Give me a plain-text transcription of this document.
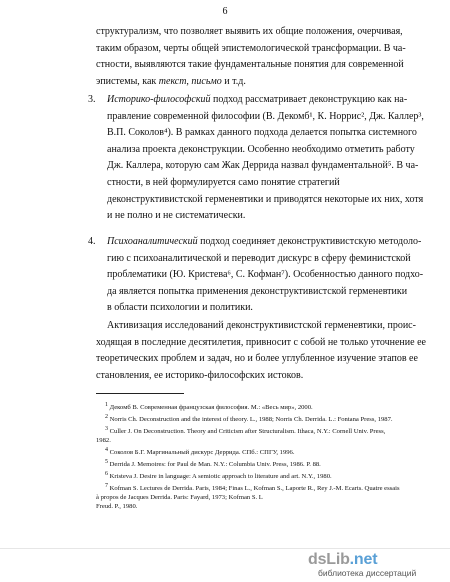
6
структурализм, что позволяет выявить их общие положения, очерчивая,
таким образом, черты общей эпистемологической трансформации. В ча-
стности, выявляются такие фундаментальные понятия для современной
эпистемы, как текст, письмо и т.д.
3. Историко-философский подход рассматривает деконструкцию как на-
правление современной философии (В. Декомб¹, К. Норрис², Дж. Каллер³,
В.П. Соколов⁴). В рамках данного подхода делается попытка системного
анализа проекта деконструкции. Особенно необходимо отметить работу
Дж. Каллера, которую сам Жак Деррида назвал фундаментальной⁵. В ча-
стности, в ней формулируется само понятие стратегий
деконструктивистской герменевтики и приводятся некоторые их них, хотя
и не полно и не систематически.
4. Психоаналитический подход соединяет деконструктивистскую методоло-
гию с психоаналитической и переводит дискурс в сферу феминистской
проблематики (Ю. Кристева⁶, С. Кофман⁷). Особенностью данного подхо-
да является попытка применения деконструктивистской герменевтики
в области психологии и политики.
Активизация исследований деконструктивистской герменевтики, проис-
ходящая в последние десятилетия, привносит с собой не только уточнение ее
теоретических проблем и задач, но и более углубленное изучение этапов ее
становления, ее историко-философских истоков.
$^1$ Декомб В. Современная французская философия. М.: «Весь мир», 2000.
$^2$ Norris Ch. Deconstruction and the interest of theory. L., 1988; Norris Ch. Derrida. L.: Fontana Press, 1987.
$^3$ Culler J. On Deconstruction. Theory and Criticism after Structuralism. Ithaca, N.Y.: Cornell Univ. Press,
1982.
$^4$ Соколов Б.Г. Маргинальный дискурс Деррида. СПб.: СПГУ, 1996.
$^5$ Derrida J. Memoires: for Paul de Man. N.Y.: Columbia Univ. Press, 1986. P. 88.
$^6$ Kristeva J. Desire in language: A semiotic approach to literature and art. N.Y., 1980.
$^7$ Kofman S. Lectures de Derrida. Paris, 1984; Finas L., Kofman S., Laporte R., Rey J.-M. Ecarts. Quatre essais
à propos de Jacques Derrida. Paris: Fayard, 1973; Kofman S. L
Freud. P., 1980.
dsLib.net
библиотека диссертаций
